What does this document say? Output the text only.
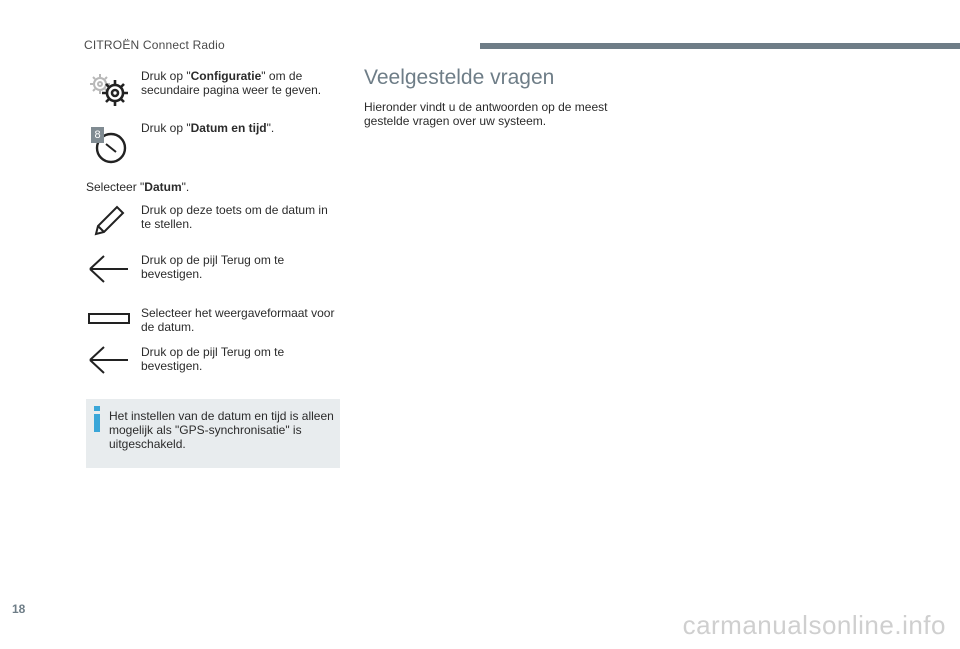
CITROËN Connect Radio
Druk op "Configuratie" om de secundaire pagina weer te geven.
8	Druk op "Datum en tijd".
Selecteer "Datum".
Druk op deze toets om de datum in te stellen.
Druk op de pijl Terug om te bevestigen.
Selecteer het weergaveformaat voor de datum.
Druk op de pijl Terug om te bevestigen.
Het instellen van de datum en tijd is alleen mogelijk als "GPS-synchronisatie" is uitgeschakeld.
Veelgestelde vragen
Hieronder vindt u de antwoorden op de meest gestelde vragen over uw systeem.
18
carmanualsonline.info
